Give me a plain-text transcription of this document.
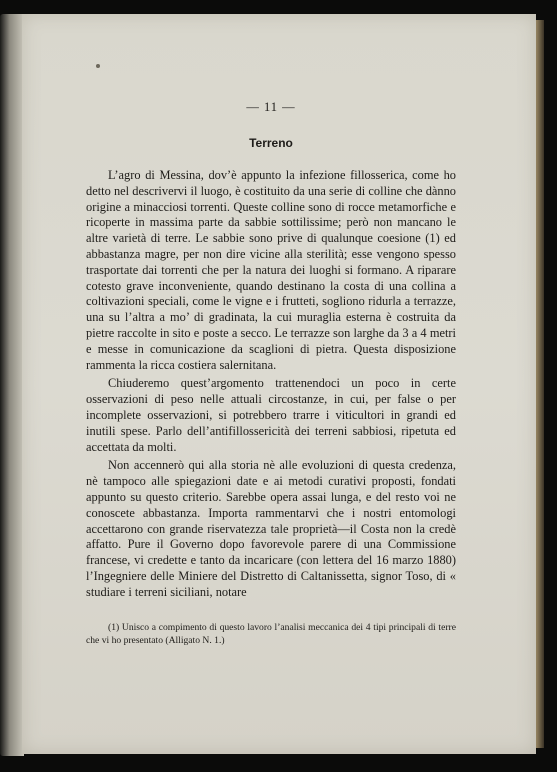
— 11 —
Terreno

L’agro di Messina, dov’è appunto la infezione fillosserica, come ho detto nel descrivervi il luogo, è costituito da una serie di colline che dànno origine a minacciosi torrenti. Queste colline sono di rocce metamorfiche e ricoperte in massima parte da sabbie sottilissime; però non mancano le altre varietà di terre. Le sabbie sono prive di qualunque coesione (1) ed abbastanza magre, per non dire vicine alla sterilità; esse vengono spesso trasportate dai torrenti che per la natura dei luoghi si formano. A riparare cotesto grave inconveniente, quando destinano la costa di una collina a coltivazioni speciali, come le vigne e i frutteti, sogliono ridurla a terrazze, una su l’altra a mo’ di gradinata, la cui muraglia esterna è costruita da pietre raccolte in sito e poste a secco. Le terrazze son larghe da 3 a 4 metri e messe in comunicazione da scaglioni di pietra. Questa disposizione rammenta la ricca costiera salernitana.

Chiuderemo quest’argomento trattenendoci un poco in certe osservazioni di peso nelle attuali circostanze, in cui, per false o per incomplete osservazioni, si potrebbero trarre i viticultori in grandi ed inutili spese. Parlo dell’antifillossericità dei terreni sabbiosi, ripetuta ed accettata da molti.

Non accennerò qui alla storia nè alle evoluzioni di questa credenza, nè tampoco alle spiegazioni date e ai metodi curativi proposti, fondati appunto su questo criterio. Sarebbe opera assai lunga, e del resto voi ne conoscete abbastanza. Importa rammentarvi che i nostri entomologi accettarono con grande riservatezza tale proprietà—il Costa non la credè affatto. Pure il Governo dopo favorevole parere di una Commissione francese, vi credette e tanto da incaricare (con lettera del 16 marzo 1880) l’Ingegniere delle Miniere del Distretto di Caltanissetta, signor Toso, di « studiare i terreni siciliani, notare

(1) Unisco a compimento di questo lavoro l’analisi meccanica dei 4 tipi principali di terre che vi ho presentato (Alligato N. 1.)
